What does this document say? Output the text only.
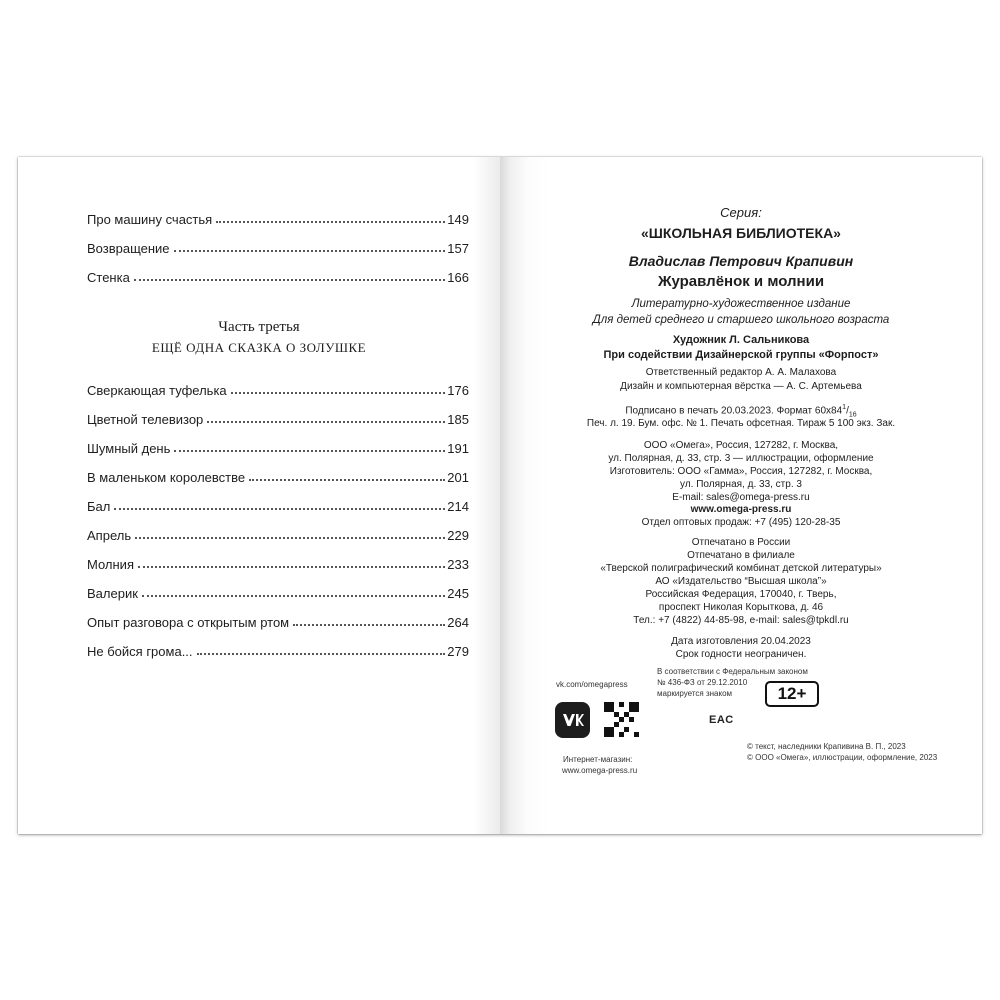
Про машину счастья	149
Возвращение	157
Стенка	166
Часть третья
ЕЩЁ ОДНА СКАЗКА О ЗОЛУШКЕ
Сверкающая туфелька	176
Цветной телевизор	185
Шумный день	191
В маленьком королевстве	201
Бал	214
Апрель	229
Молния	233
Валерик	245
Опыт разговора с открытым ртом	264
Не бойся грома...	279
Серия:
«ШКОЛЬНАЯ БИБЛИОТЕКА»
Владислав Петрович Крапивин
Журавлёнок и молнии
Литературно-художественное издание
Для детей среднего и старшего школьного возраста
Художник Л. Сальникова
При содействии Дизайнерской группы «Форпост»
Ответственный редактор А. А. Малахова
Дизайн и компьютерная вёрстка — А. С. Артемьева
Подписано в печать 20.03.2023. Формат $60х84^1/_{16}$
Печ. л. 19. Бум. офс. № 1. Печать офсетная. Тираж 5 100 экз. Зак.
ООО «Омега», Россия, 127282, г. Москва,
ул. Полярная, д. 33, стр. 3 — иллюстрации, оформление
Изготовитель: ООО «Гамма», Россия, 127282, г. Москва,
ул. Полярная, д. 33, стр. 3
E-mail: sales@omega-press.ru
www.omega-press.ru
Отдел оптовых продаж: +7 (495) 120-28-35
Отпечатано в России
Отпечатано в филиале
«Тверской полиграфический комбинат детской литературы»
АО «Издательство “Высшая школа”»
Российская Федерация, 170040, г. Тверь,
проспект Николая Корыткова, д. 46
Тел.: +7 (4822) 44-85-98, e-mail: sales@tpkdl.ru
Дата изготовления 20.04.2023
Срок годности неограничен.
vk.com/omegapress
В соответствии с Федеральным законом
№ 436-ФЗ от 29.12.2010
маркируется знаком	12+
EAC
Интернет-магазин:
www.omega-press.ru
© текст, наследники Крапивина В. П., 2023
© ООО «Омега», иллюстрации, оформление, 2023
